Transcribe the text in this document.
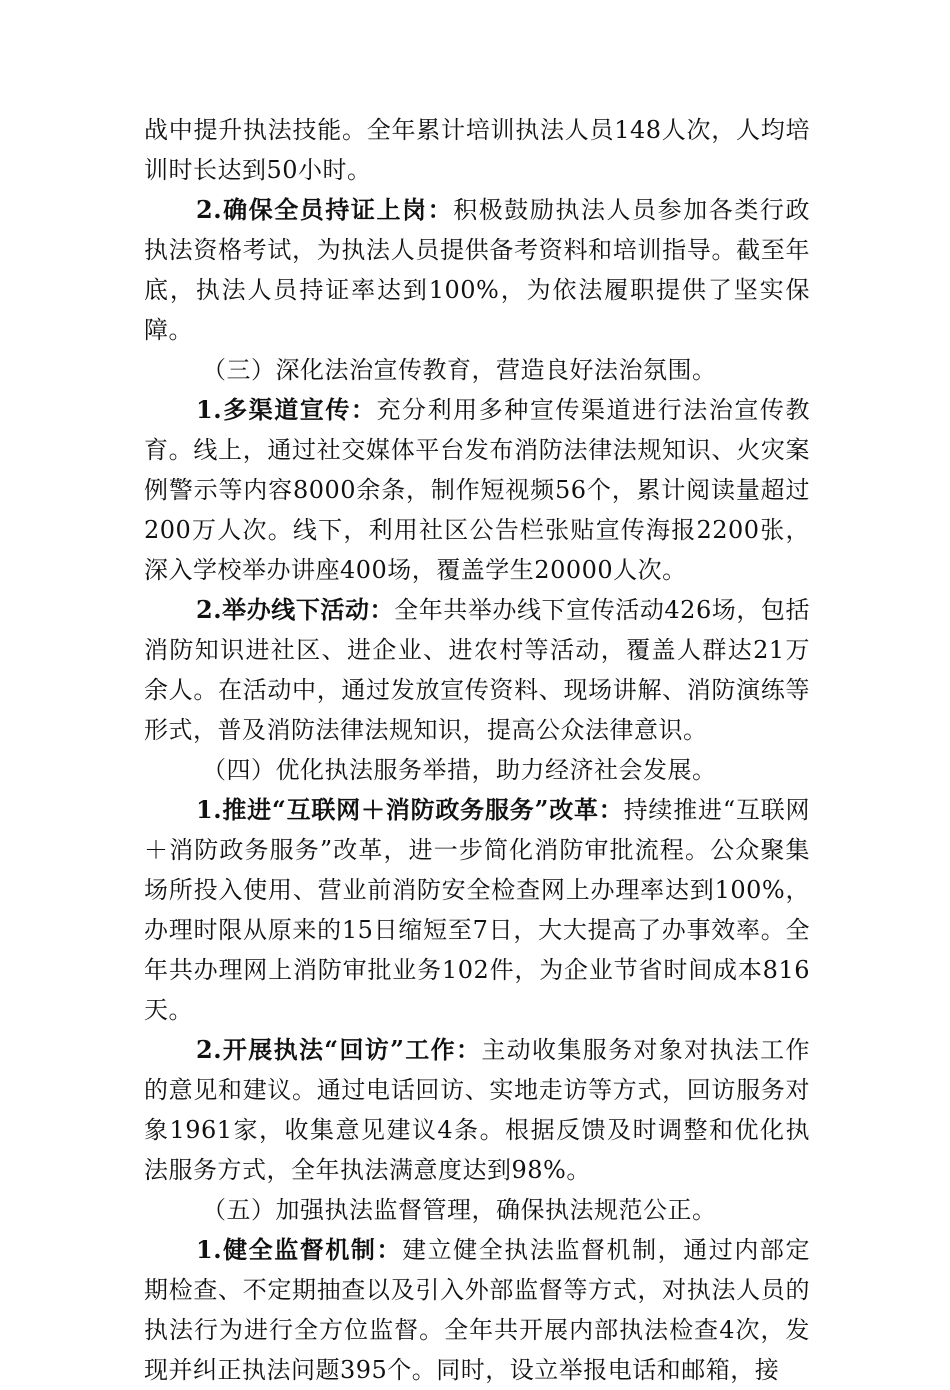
战中提升执法技能。全年累计培训执法人员148人次，人均培训时长达到50小时。

2.确保全员持证上岗：积极鼓励执法人员参加各类行政执法资格考试，为执法人员提供备考资料和培训指导。截至年底，执法人员持证率达到100%，为依法履职提供了坚实保障。

（三）深化法治宣传教育，营造良好法治氛围。

1.多渠道宣传：充分利用多种宣传渠道进行法治宣传教育。线上，通过社交媒体平台发布消防法律法规知识、火灾案例警示等内容8000余条，制作短视频56个，累计阅读量超过200万人次。线下，利用社区公告栏张贴宣传海报2200张，深入学校举办讲座400场，覆盖学生20000人次。

2.举办线下活动：全年共举办线下宣传活动426场，包括消防知识进社区、进企业、进农村等活动，覆盖人群达21万余人。在活动中，通过发放宣传资料、现场讲解、消防演练等形式，普及消防法律法规知识，提高公众法律意识。

（四）优化执法服务举措，助力经济社会发展。

1.推进“互联网＋消防政务服务”改革：持续推进“互联网＋消防政务服务”改革，进一步简化消防审批流程。公众聚集场所投入使用、营业前消防安全检查网上办理率达到100%，办理时限从原来的15日缩短至7日，大大提高了办事效率。全年共办理网上消防审批业务102件，为企业节省时间成本816天。

2.开展执法“回访”工作：主动收集服务对象对执法工作的意见和建议。通过电话回访、实地走访等方式，回访服务对象1961家，收集意见建议4条。根据反馈及时调整和优化执法服务方式，全年执法满意度达到98%。

（五）加强执法监督管理，确保执法规范公正。

1.健全监督机制：建立健全执法监督机制，通过内部定期检查、不定期抽查以及引入外部监督等方式，对执法人员的执法行为进行全方位监督。全年共开展内部执法检查4次，发现并纠正执法问题395个。同时，设立举报电话和邮箱，接
